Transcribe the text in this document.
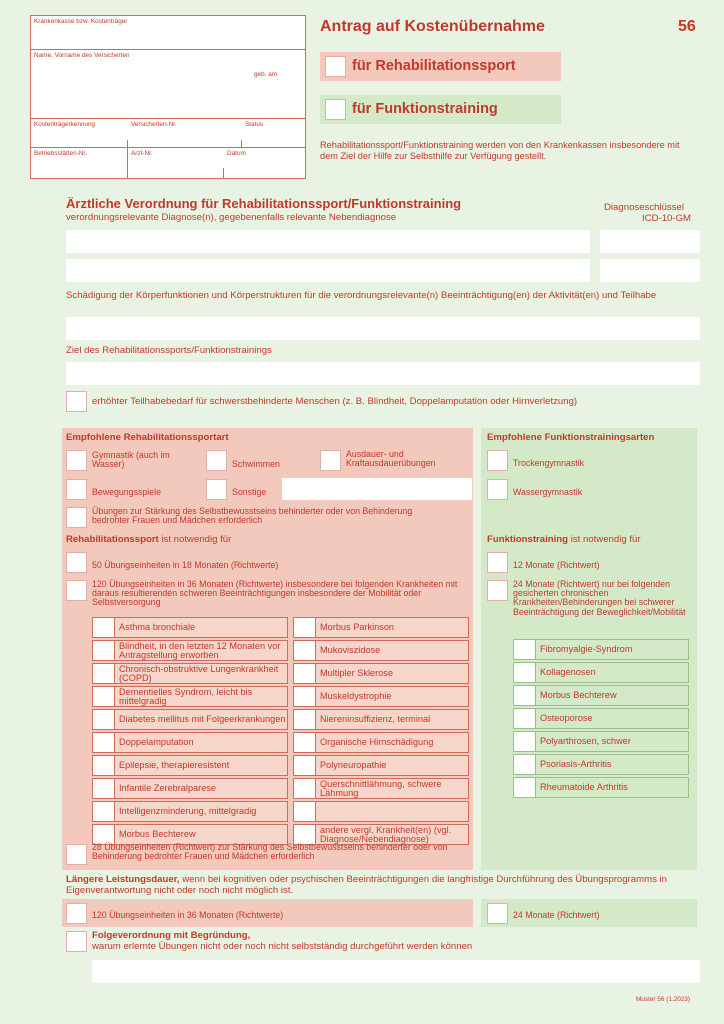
Krankenkasse bzw. Kostenträger
Name, Vorname des Versicherten
geb. am
Kostenträgerkennung	Versicherten-Nr.	Status
Betriebsstätten-Nr.	Arzt-Nr.	Datum
Antrag auf Kostenübernahme	56
für Rehabilitationssport
für Funktionstraining
Rehabilitationssport/Funktionstraining werden von den Krankenkassen insbesondere mit dem Ziel der Hilfe zur Selbsthilfe zur Verfügung gestellt.
Ärztliche Verordnung für Rehabilitationssport/Funktionstraining
verordnungsrelevante Diagnose(n), gegebenenfalls relevante Nebendiagnose
Diagnoseschlüssel
ICD-10-GM
Schädigung der Körperfunktionen und Körperstrukturen für die verordnungsrelevante(n) Beeinträchtigung(en) der Aktivität(en) und Teilhabe
Ziel des Rehabilitationssports/Funktionstrainings
erhöhter Teilhabebedarf für schwerstbehinderte Menschen (z. B. Blindheit, Doppelamputation oder Hirnverletzung)
Empfohlene Rehabilitationssportart	Empfohlene Funktionstrainingsarten
Gymnastik (auch im Wasser)	Schwimmen
Ausdauer- und Kraftausdauerübungen	Trockengymnastik
Bewegungsspiele	Sonstige	Wassergymnastik
Übungen zur Stärkung des Selbstbewusstseins behinderter oder von Behinderung bedrohter Frauen und Mädchen erforderlich
Rehabilitationssport ist notwendig für	Funktionstraining ist notwendig für
50 Übungseinheiten in 18 Monaten (Richtwerte)	12 Monate (Richtwert)
120 Übungseinheiten in 36 Monaten (Richtwerte) insbesondere bei folgenden Krankheiten mit daraus resultierenden schweren Beeinträchtigungen insbesondere der Mobilität oder Selbstversorgung
24 Monate (Richtwert) nur bei folgenden gesicherten chronischen Krankheiten/Behinderungen bei schwerer Beeinträchtigung der Beweglichkeit/Mobilität
Asthma bronchiale
Blindheit, in den letzten 12 Monaten vor Antragstellung erworben
Chronisch-obstruktive Lungenkrankheit (COPD)
Dementielles Syndrom, leicht bis mittelgradig
Diabetes mellitus mit Folgeerkrankungen
Doppelamputation
Epilepsie, therapieresistent
Infantile Zerebralparese
Intelligenzminderung, mittelgradig
Morbus Bechterew
Morbus Parkinson
Mukoviszidose
Multipler Sklerose
Muskeldystrophie
Niereninsuffizienz, terminal
Organische Hirnschädigung
Polyneuropathie
Querschnittlähmung, schwere Lähmung
andere vergl. Krankheit(en) (vgl. Diagnose/Nebendiagnose)
Fibromyalgie-Syndrom
Kollagenosen
Morbus Bechterew
Osteoporose
Polyarthrosen, schwer
Psoriasis-Arthritis
Rheumatoide Arthritis
28 Übungseinheiten (Richtwert) zur Stärkung des Selbstbewusstseins behinderter oder von Behinderung bedrohter Frauen und Mädchen erforderlich
Längere Leistungsdauer, wenn bei kognitiven oder psychischen Beeinträchtigungen die langfristige Durchführung des Übungsprogramms in Eigenverantwortung nicht oder noch nicht möglich ist.
120 Übungseinheiten in 36 Monaten (Richtwerte)	24 Monate (Richtwert)
Folgeverordnung mit Begründung,
warum erlernte Übungen nicht oder noch nicht selbstständig durchgeführt werden können
Muster 56 (1.2023)
